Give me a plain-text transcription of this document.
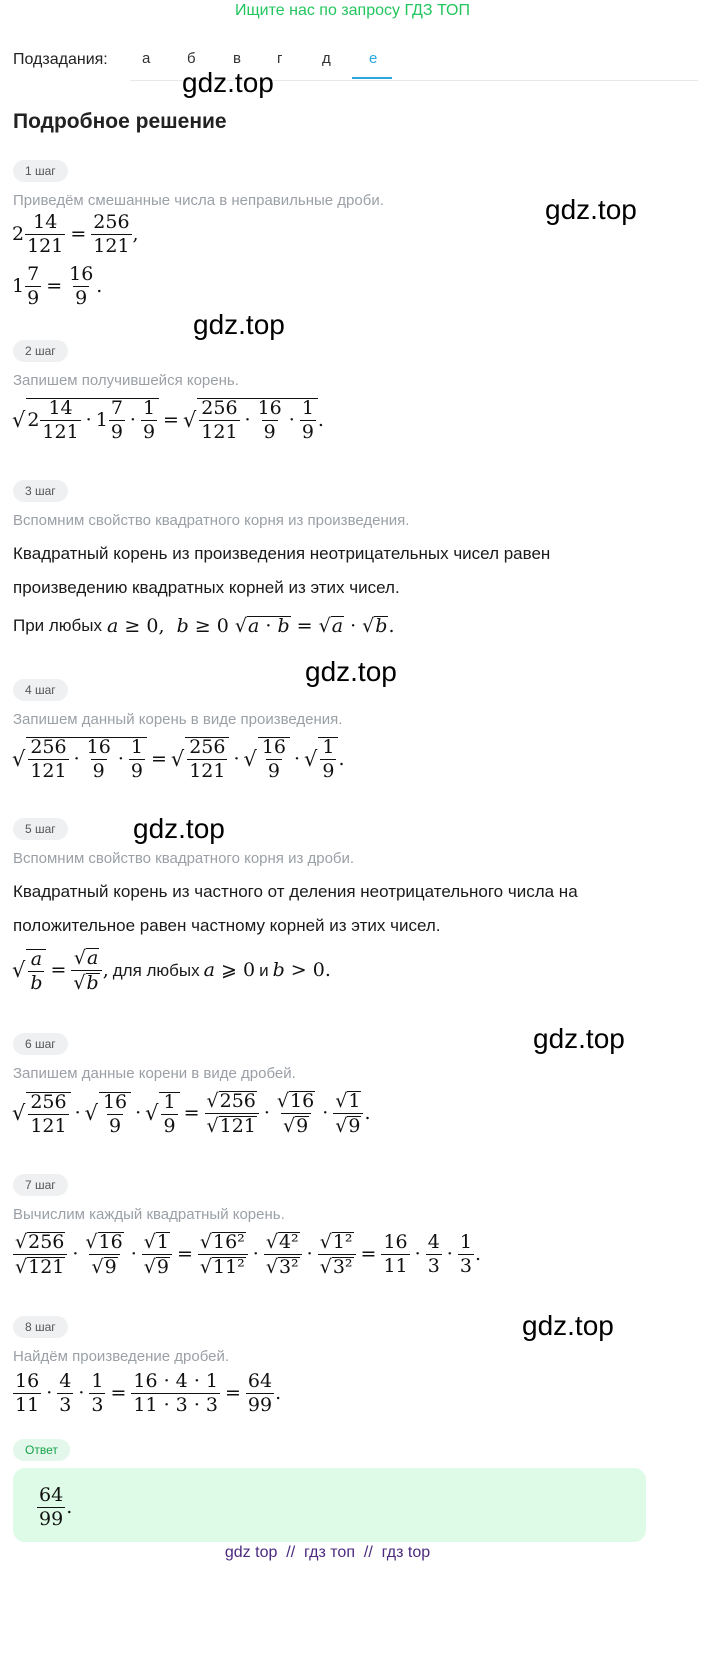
Ищите нас по запросу ГДЗ ТОП
Подзадания: а б в г	д	е
Подробное решение
gdz.top
gdz.top
gdz.top
gdz.top
gdz.top
gdz.top
gdz.top
1 шаг
Приведём смешанные числа в неправильные дроби.
$2 \frac{14}{121} = \frac{256}{121}$ ,
$1 \frac{7}{9} = \frac{16}{9}$ .
2 шаг
Запишем получившейся корень.
√ $2 \frac{14}{121} \cdot 1 \frac{7}{9} \cdot \frac{1}{9}$ = √ $\frac{256}{121} \cdot \frac{16}{9} \cdot \frac{1}{9}$ .
3 шаг
Вспомним свойство квадратного корня из произведения.
Квадратный корень из произведения неотрицательных чисел равен
произведению квадратных корней из этих чисел.
При любых a ≥ 0,  b ≥ 0 √a · b = √a · √b.
4 шаг
Запишем данный корень в виде произведения.
√ $\frac{256}{121} \cdot \frac{16}{9} \cdot \frac{1}{9}$ = √ $\frac{256}{121}$ · √ $\frac{16}{9}$ · √ $\frac{1}{9}$ .
5 шаг
Вспомним свойство квадратного корня из дроби.
Квадратный корень из частного от деления неотрицательного числа на
положительное равен частному корней из этих чисел.
√ $\frac{a}{b} = \frac{√a}{√b}$ , для любых a ⩾ 0 и b > 0.
6 шаг
Запишем данные корени в виде дробей.
√ $\frac{256}{121}$ · √ $\frac{16}{9}$ · √ $\frac{1}{9} = \frac{√256}{√121} \cdot \frac{√16}{√9} \cdot \frac{√1}{√9}$ .
7 шаг
Вычислим каждый квадратный корень.
$\frac{√256}{√121} \cdot \frac{√16}{√9} \cdot \frac{√1}{√9} = \frac{\text{√16²}}{\text{√11²}} \cdot \frac{\text{√4²}}{\text{√3²}} \cdot \frac{\text{√1²}}{\text{√3²}} = \frac{16}{11} \cdot \frac{4}{3} \cdot \frac{1}{3}$ .
8 шаг
Найдём произведение дробей.
$\frac{16}{11} \cdot \frac{4}{3} \cdot \frac{1}{3} = \frac{16 \cdot 4 \cdot 1}{11 \cdot 3 \cdot 3} = \frac{64}{99}$ .
Ответ
$\frac{64}{99}$ .
gdz top  //  гдз топ  //  гдз top
